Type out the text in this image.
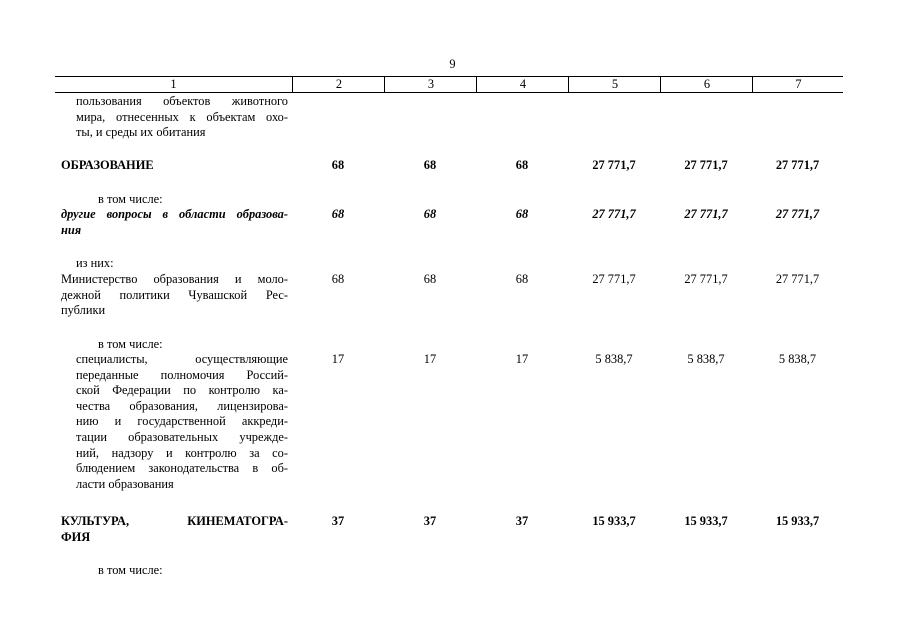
9
1	2	3	4	5	6	7
пользования объектов животного
мира, отнесенных к объектам охо-
ты, и среды их обитания
ОБРАЗОВАНИЕ	68	68	68	27 771,7	27 771,7	27 771,7
в том числе:
другие вопросы в области образова-
ния
68	68	68	27 771,7	27 771,7	27 771,7
из них:
Министерство образования и моло-
дежной политики Чувашской Рес-
публики
68	68	68	27 771,7	27 771,7	27 771,7
в том числе:
специалисты, осуществляющие
переданные полномочия Россий-
ской Федерации по контролю ка-
чества образования, лицензирова-
нию и государственной аккреди-
тации образовательных учрежде-
ний, надзору и контролю за со-
блюдением законодательства в об-
ласти образования
17	17	17	5 838,7	5 838,7	5 838,7
КУЛЬТУРА, КИНЕМАТОГРА-
ФИЯ
37	37	37	15 933,7	15 933,7	15 933,7
в том числе:
